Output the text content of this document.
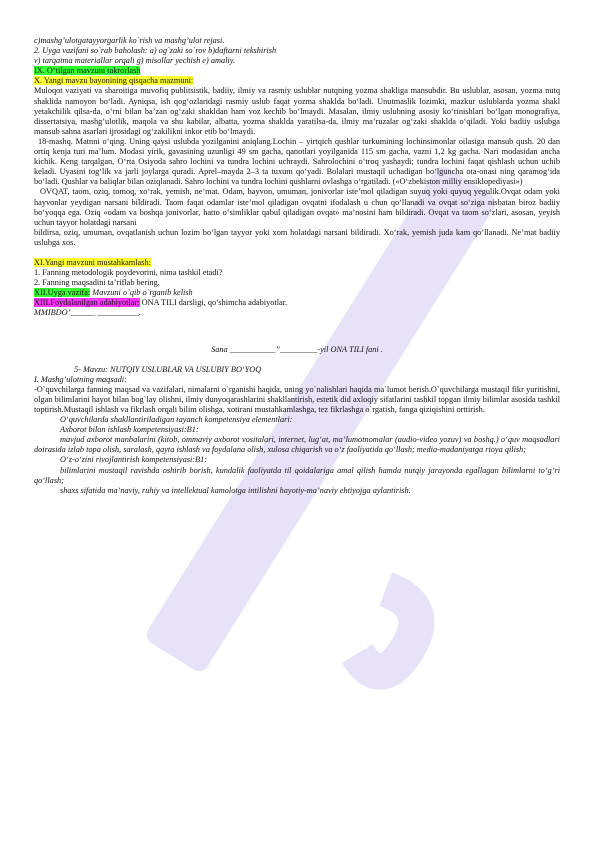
c)mashg’ulotgatayyorgarlik ko`rish va mashg’ulot rejasi.

2. Uyga vazifani so`rab baholash: a) og`zaki so`rov b)daftarni tekshirish

v) tarqatma materiallar orqali g) misollar yechish e) amaliy.

IX. O‘tilgan mavzuni takrorlash

X. Yangi mavzu bayonining qisqacha mazmuni:

Muloqot vaziyati va sharoitiga muvofiq publitsistik, badiiy, ilmiy va rasmiy uslublar nutqning yozma shakliga mansubdir. Bu uslublar, asosan, yozma nutq shaklida namoyon bo‘ladi. Ayniqsa, ish qog‘ozlaridagi rasmiy uslub faqat yozma shaklda bo‘ladi. Unutmaslik lozimki, mazkur uslublarda yozma shakl yetakchilik qilsa-da, o‘rni bilan ba’zan og‘zaki shakldan ham voz kechib bo‘lmaydi. Masalan, ilmiy uslubning asosiy ko‘rinishlari bo‘lgan monografiya, dissertatsiya, mashg’ulotlik, maqola va shu kabilar, albatta, yozma shaklda yaratilsa-da, ilmiy ma’ruzalar og‘zaki shaklda o‘qiladi. Yoki badiiy uslubga mansub sahna asarlari ijrosidagi og‘zakilikni inkor etib bo‘lmaydi.

18-mashq. Matnni o‘qing. Uning qaysi uslubda yozilganini aniqlang.Lochin – yirtqich qushlar turkumining lochinsimonlar oilasiga mansub qush. 20 dan ortiq kenja turi ma’lum. Modasi yirik, gavasining uzunligi 49 sm gacha, qanotlari yoyilganida 115 sm gacha, vazni 1,2 kg gacha. Nari modasidan ancha kichik. Keng tarqalgan, O‘rta Osiyoda sahro lochini va tundra lochini uchraydi. Sahrolochini o‘troq yashaydi; tundra lochini faqat qishlash uchun uchib keladi. Uyasini tog‘lik va jarli joylarga quradi. Aprel–mayda 2–3 ta tuxum qo‘yadi. Bolalari mustaqil uchadigan bo‘lguncha ota-onasi ning qaramog‘ida bo‘ladi. Qushlar va baliqlar bilan oziqlanadi. Sahro lochini va tundra lochini qushlarni ovlashga o‘rgatiladi. («O‘zbekiston milliy ensiklopediyasi»)

OVQAT, taom, oziq, tomoq, xo‘rak, yemish, ne’mat. Odam, hayvon, umuman, jonivorlar iste’mol qiladigan suyuq yoki quyuq yegulik.Ovqat odam yoki hayvonlar yeydigan narsani bildiradi. Taom faqat odamlar iste’mol qiladigan ovqatni ifodalash u chun qo‘llanadi va ovqat so‘ziga nisbatan biroz badiiy bo‘yoqqa ega. Oziq «odam va boshqa jonivorlar, hatto o‘simliklar qabul qiladigan ovqat» ma’nosini ham bildiradi. Ovqat va taom so‘zlari, asosan, yeyish uchun tayyor holatdagi narsani

bildirsa, oziq, umuman, ovqatlanish uchun lozim bo‘lgan tayyor yoki xom holatdagi narsani bildiradi. Xo‘rak, yemish juda kam qo‘llanadi. Ne’mat badiiy uslubga xos.

XI.Yangi mavzuni mustahkamlash:

1. Fanning metodologik poydevorini, nima tashkil etadi?

2. Fanning maqsadini ta’riflab bering.

XII.Uyga vazifa: Mavzuni o`qib o`rganib kelish

XIII.Foydalanilgan adabiyotlar: ONA TILI darsligi, qo’shimcha adabiyotlar.

MMIBDO’______ __________.

Sana ___________”_________-yil ONA TILI fani .

5- Mavzu: NUTQIY USLUBLAR VA USLUBIY BO‘YOQ

I. Mashg’ulotning maqsadi:

-O`quvchilarga fanning maqsad va vazifalari, nimalarni o`rganishi haqida, uning yo`nalishlari haqida ma`lumot berish.O`quvchilarga mustaqil fikr yuritishni, olgan bilimlarini hayot bilan bog`lay olishni, ilmiy dunyoqarashlarini shakllantirish, estetik did axloqiy sifatlarini tashkil topgan ilmiy bilimlar asosida tashkil toptirish.Mustaqil ishlash va fikrlash orqali bilim olishga, xotirani mustahkamlashga, tez fikrlashga o`rgatish, fanga qiziqishini orttirish.

O‘quvchilarda shakllantiriladigan tayanch kompetensiya elementlari:

Axborot bilan ishlash kompetensiyasi:B1:

mavjud axborot manbalarini (kitob, ommaviy axborot vositalari, internet, lug‘at, ma’lumotnomalar (audio-video yozuv) va boshq.) o‘quv maqsadlari doirasida izlab topa olish, saralash, qayta ishlash va foydalana olish, xulosa chiqarish va o‘z faoliyatida qo‘llash; media-madaniyatga rioya qilish;

O‘z-o‘zini rivojlantirish kompetensiyasi:B1:

bilimlarini mustaqil ravishda oshirib borish, kundalik faoliyatda til qoidalariga amal qilish hamda nutqiy jarayonda egallagan bilimlarni to‘g‘ri qo‘llash;

shaxs sifatida ma’naviy, ruhiy va intellektual kamolotga intilishni hayotiy-ma’naviy ehtiyojga aylantirish.
